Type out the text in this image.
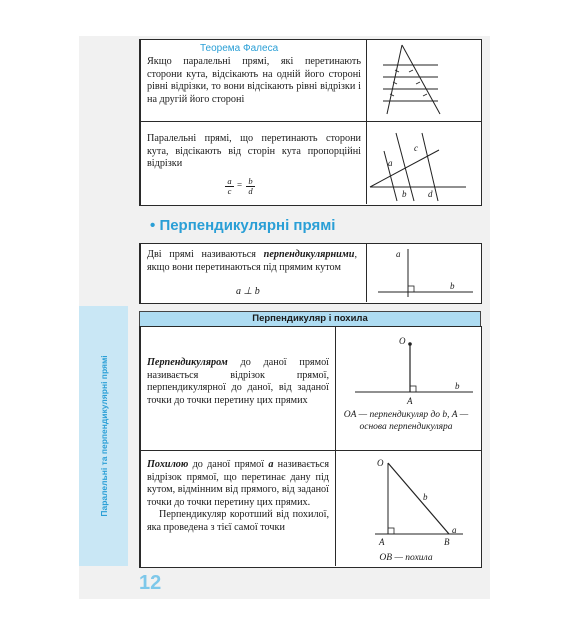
Паралельні та перпендикулярні прямі
12
Теорема Фалеса
Якщо паралельні прямі, які перетинають сторони кута, відсікають на одній його стороні рівні відрізки, то вони відсікають рівні відрізки і на другій його стороні
Паралельні прямі, що перетинають сторони кута, відсікають від сторін кута пропорційні відрізки
$\frac{a}{c} = \frac{b}{d}$
a
c
b d
• Перпендикулярні прямі
Дві прямі називаються перпендикулярними, якщо вони перетинаються під прямим кутом
a ⊥ b
a
b
Перпендикуляр і похила
Перпендикуляром до даної прямої називається відрізок прямої, перпендикулярної до даної, від заданої точки до точки перетину цих прямих
O
A
b
OA — перпендикуляр до b, A — основа перпендикуляра
Похилою до даної прямої a називається відрізок прямої, що перетинає дану під кутом, відмінним від прямого, від заданої точки до точки перетину цих прямих.
Перпендикуляр коротший від похилої, яка проведена з тієї самої точки
O
b
A	B
a
OB — похила
